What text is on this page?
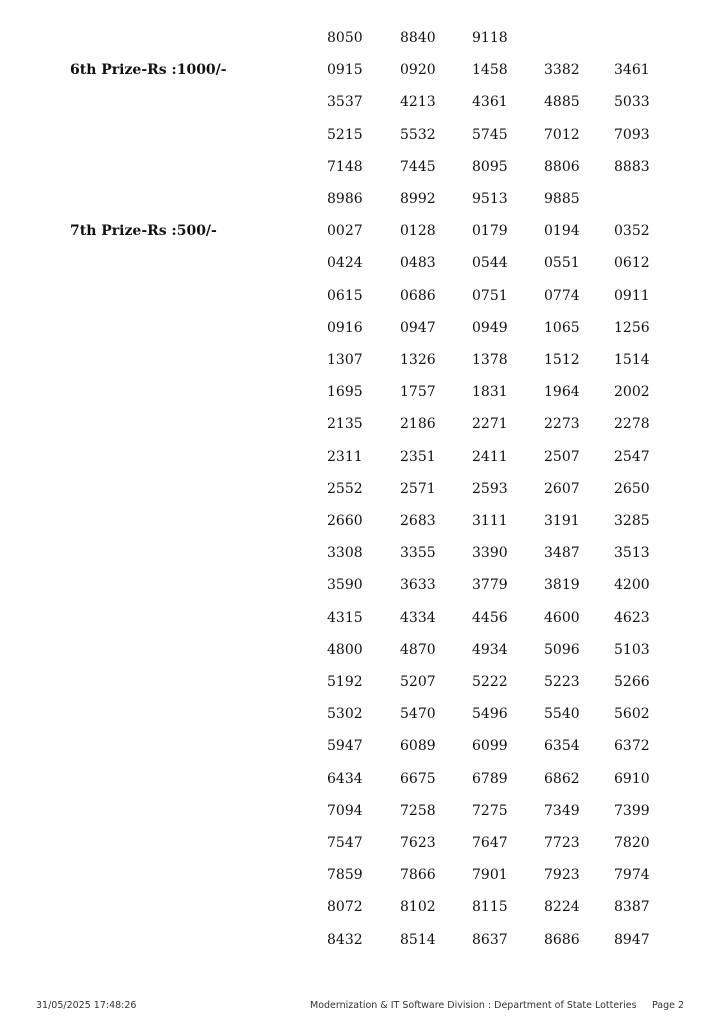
8050	8840	9118
6th Prize-Rs :1000/-	0915	0920	1458	3382 3461
3537	4213	4361	4885 5033
5215	5532	5745	7012 7093
7148	7445	8095	8806 8883
8986	8992	9513	9885
7th Prize-Rs :500/-	0027	0128	0179	0194 0352
0424	0483	0544	0551 0612
0615	0686	0751	0774 0911
0916	0947	0949	1065 1256
1307	1326	1378	1512 1514
1695	1757	1831	1964 2002
2135	2186	2271	2273 2278
2311	2351	2411	2507 2547
2552	2571	2593	2607 2650
2660	2683	3111	3191 3285
3308	3355	3390	3487 3513
3590	3633	3779	3819 4200
4315	4334	4456	4600 4623
4800	4870	4934	5096 5103
5192	5207	5222	5223 5266
5302	5470	5496	5540 5602
5947	6089	6099	6354 6372
6434	6675	6789	6862 6910
7094	7258	7275	7349 7399
7547	7623	7647	7723 7820
7859	7866	7901	7923 7974
8072	8102	8115	8224 8387
8432	8514	8637	8686 8947
31/05/2025 17:48:26	Modernization & IT Software Division : Department of State Lotteries Page 2
